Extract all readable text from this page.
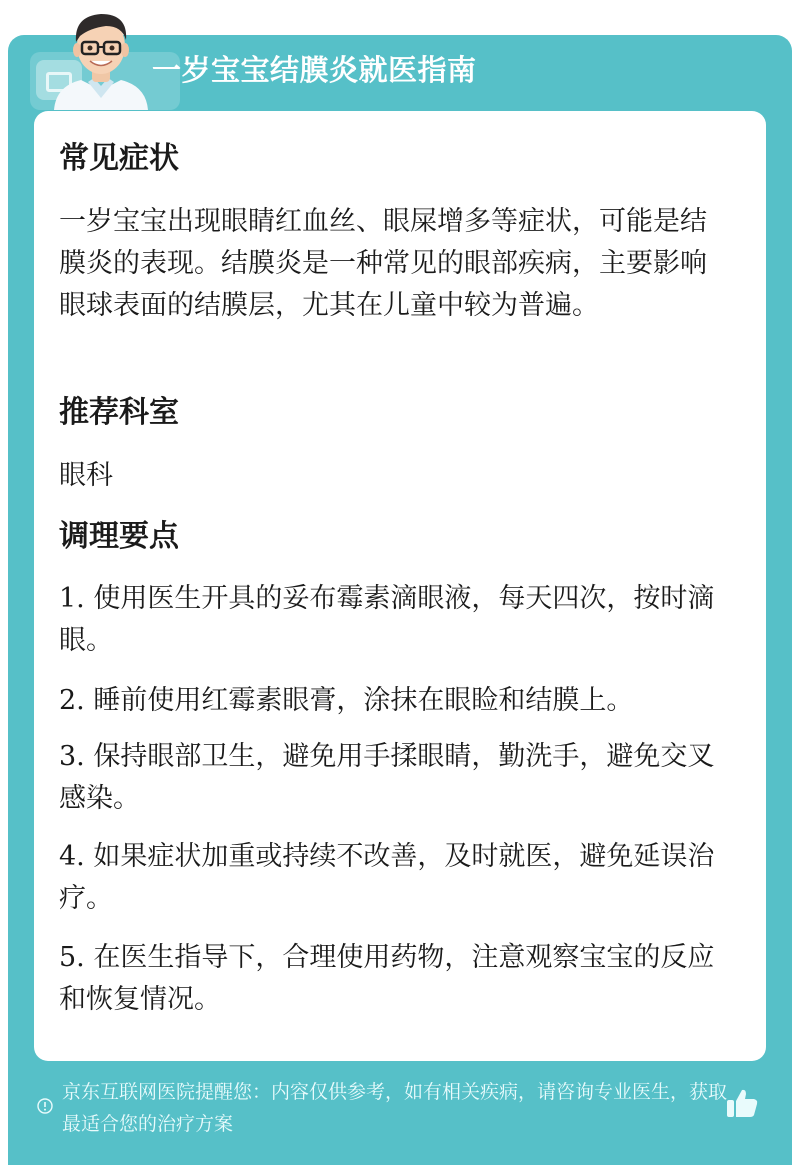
一岁宝宝结膜炎就医指南
常见症状

一岁宝宝出现眼睛红血丝、眼屎增多等症状，可能是结膜炎的表现。结膜炎是一种常见的眼部疾病，主要影响眼球表面的结膜层，尤其在儿童中较为普遍。

推荐科室

眼科

调理要点

1. 使用医生开具的妥布霉素滴眼液，每天四次，按时滴眼。

2. 睡前使用红霉素眼膏，涂抹在眼睑和结膜上。

3. 保持眼部卫生，避免用手揉眼睛，勤洗手，避免交叉感染。

4. 如果症状加重或持续不改善，及时就医，避免延误治疗。

5. 在医生指导下，合理使用药物，注意观察宝宝的反应和恢复情况。

京东互联网医院提醒您：内容仅供参考，如有相关疾病，请咨询专业医生，获取最适合您的治疗方案
